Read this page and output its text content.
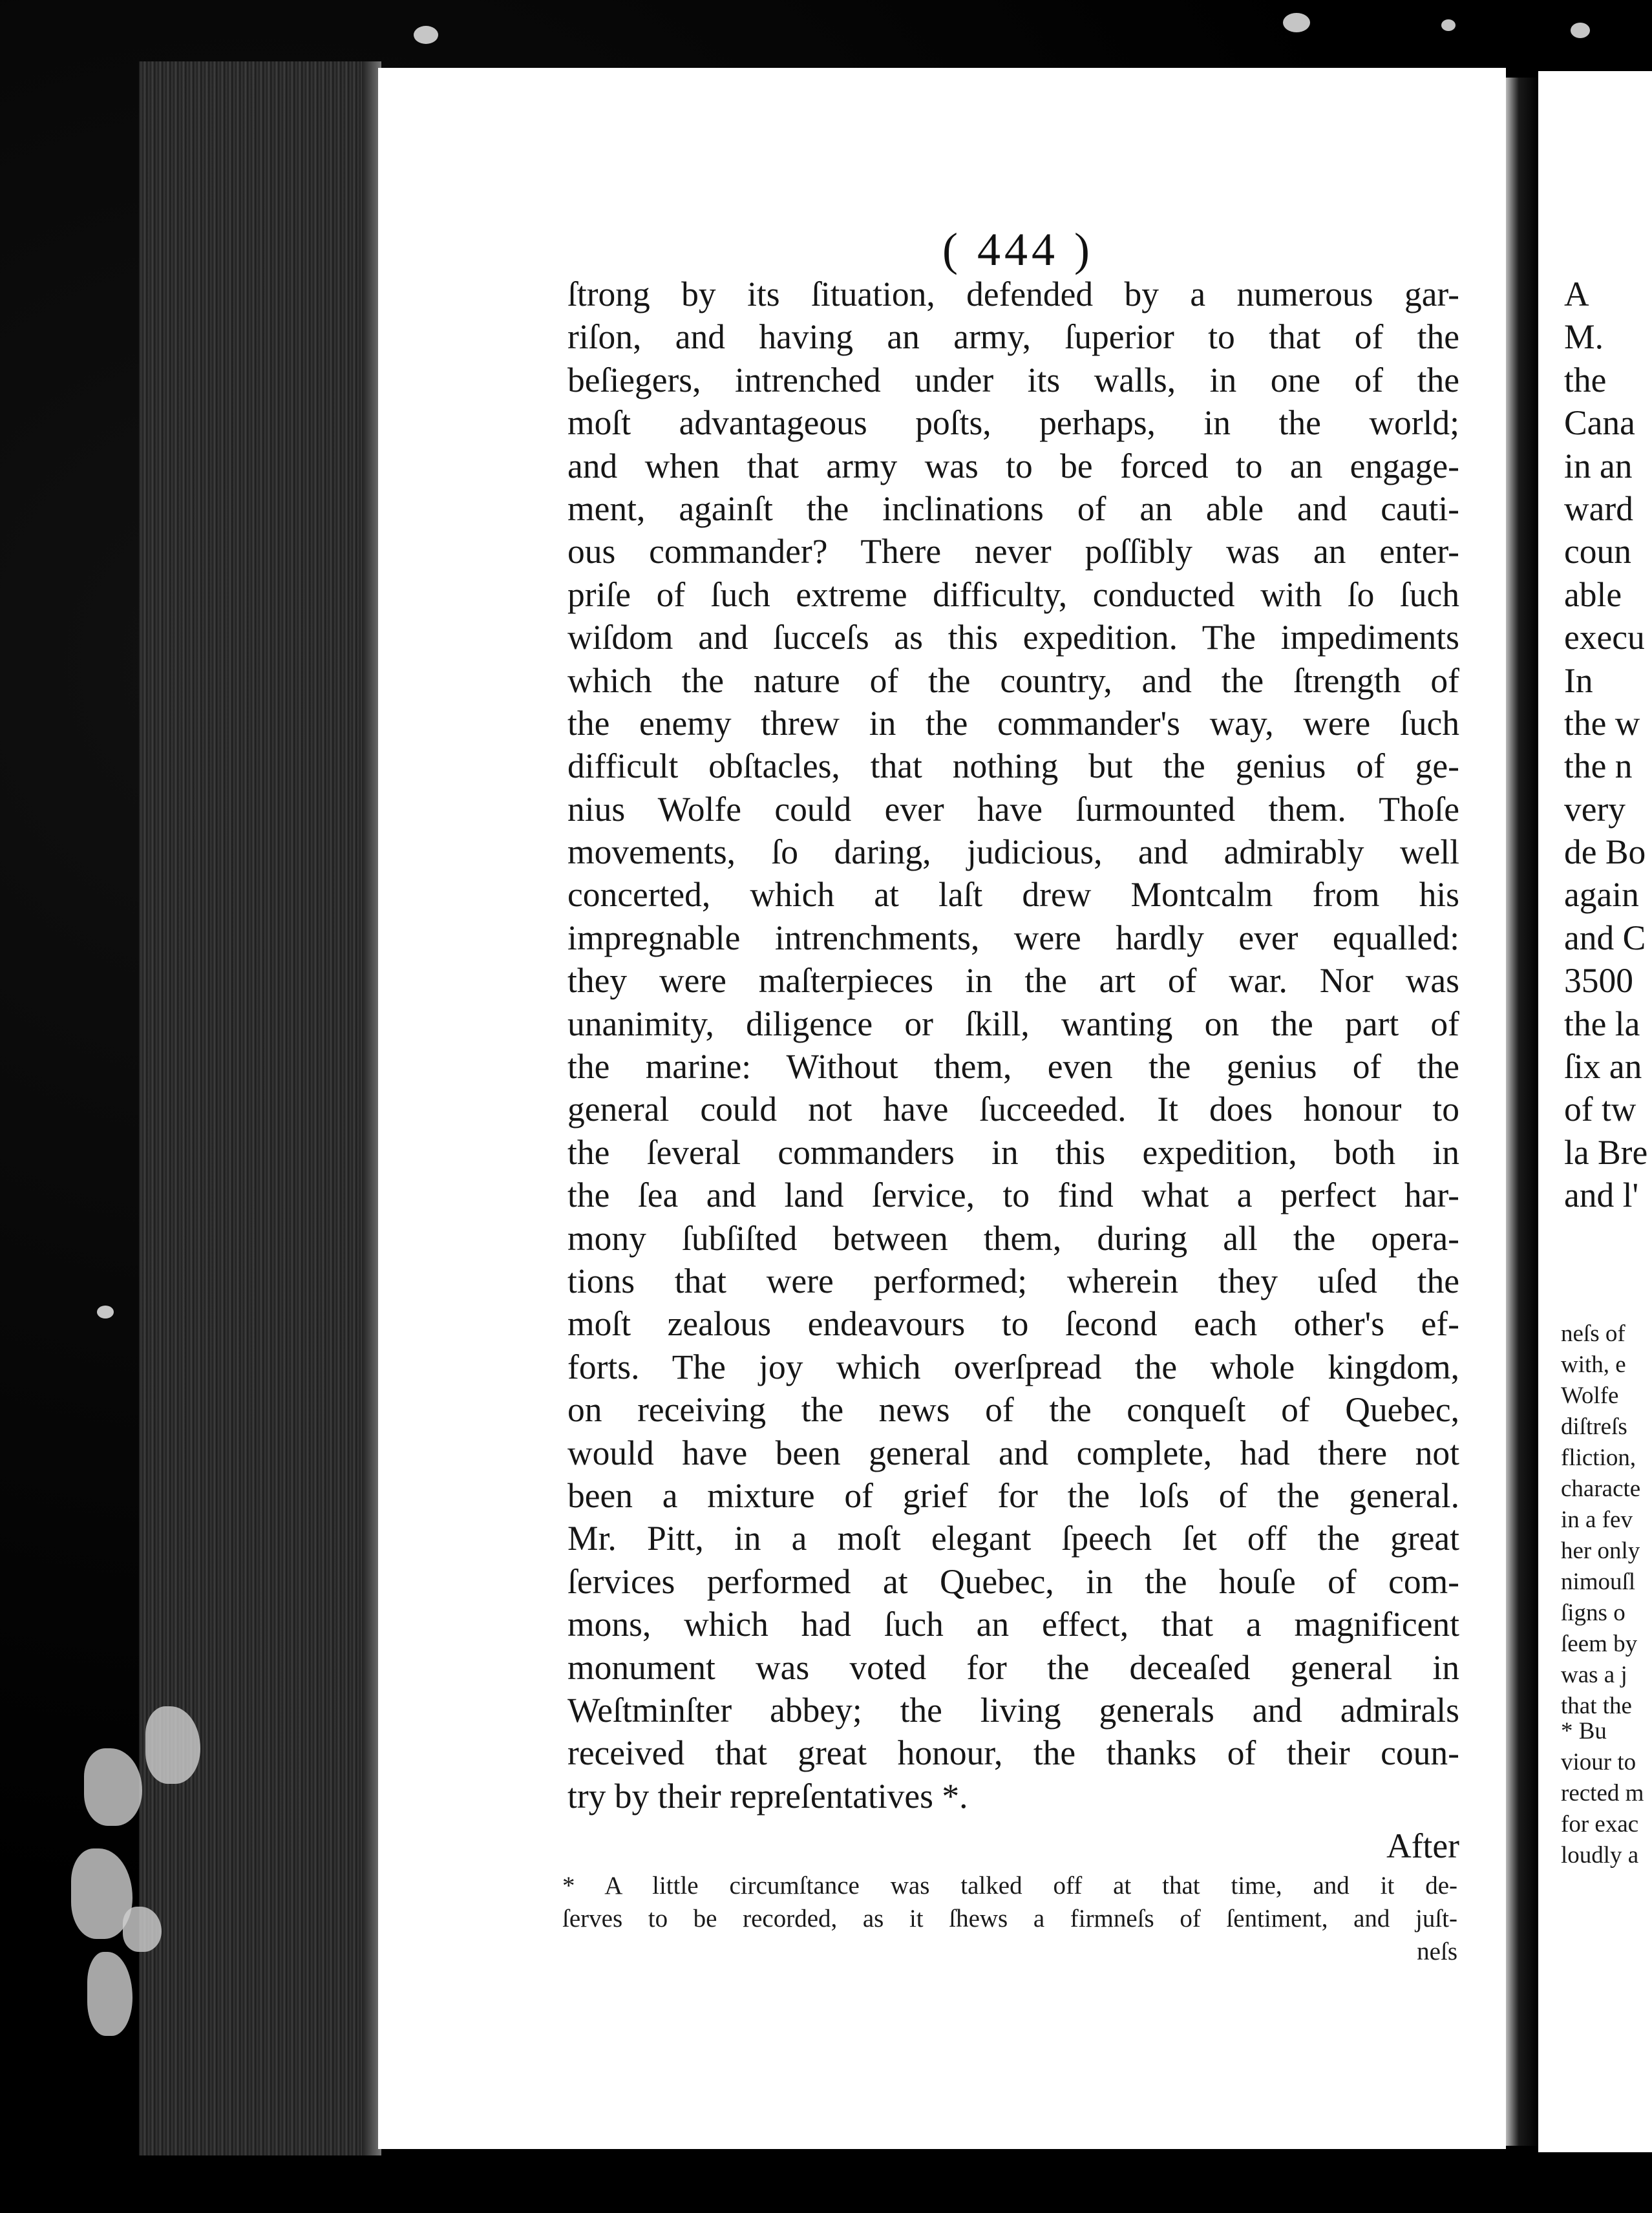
( 444 )
ſtrong by its ſituation, defended by a numerous gar-
riſon, and having an army, ſuperior to that of the
beſiegers, intrenched under its walls, in one of the
moſt advantageous poſts, perhaps, in the world;
and when that army was to be forced to an engage-
ment, againſt the inclinations of an able and cauti-
ous commander? There never poſſibly was an enter-
priſe of ſuch extreme difficulty, conducted with ſo ſuch
wiſdom and ſucceſs as this expedition. The impediments
which the nature of the country, and the ſtrength of
the enemy threw in the commander's way, were ſuch
difficult obſtacles, that nothing but the genius of ge-
nius Wolfe could ever have ſurmounted them. Thoſe
movements, ſo daring, judicious, and admirably well
concerted, which at laſt drew Montcalm from his
impregnable intrenchments, were hardly ever equalled:
they were maſterpieces in the art of war. Nor was
unanimity, diligence or ſkill, wanting on the part of
the marine: Without them, even the genius of the
general could not have ſucceeded. It does honour to
the ſeveral commanders in this expedition, both in
the ſea and land ſervice, to find what a perfect har-
mony ſubſiſted between them, during all the opera-
tions that were performed; wherein they uſed the
moſt zealous endeavours to ſecond each other's ef-
forts. The joy which overſpread the whole kingdom,
on receiving the news of the conqueſt of Quebec,
would have been general and complete, had there not
been a mixture of grief for the loſs of the general.
Mr. Pitt, in a moſt elegant ſpeech ſet off the great
ſervices performed at Quebec, in the houſe of com-
mons, which had ſuch an effect, that a magnificent
monument was voted for the deceaſed general in
Weſtminſter abbey; the living generals and admirals
received that great honour, the thanks of their coun-
try by their repreſentatives *.
After
* A little circumſtance was talked off at that time, and it de-
ſerves to be recorded, as it ſhews a firmneſs of ſentiment, and juſt-
neſs
A
M.
the
Cana
in an
ward
coun
able
execu
In
the w
the n
very
de Bo
again
and C
3500
the la
ſix an
of tw
la Bre
and l'
neſs of
with, e
Wolfe
diſtreſs
fliction,
characte
in a fev
her only
nimouſl
ſigns o
ſeem by
was a j
that the
* Bu
viour to
rected m
for exac
loudly a
